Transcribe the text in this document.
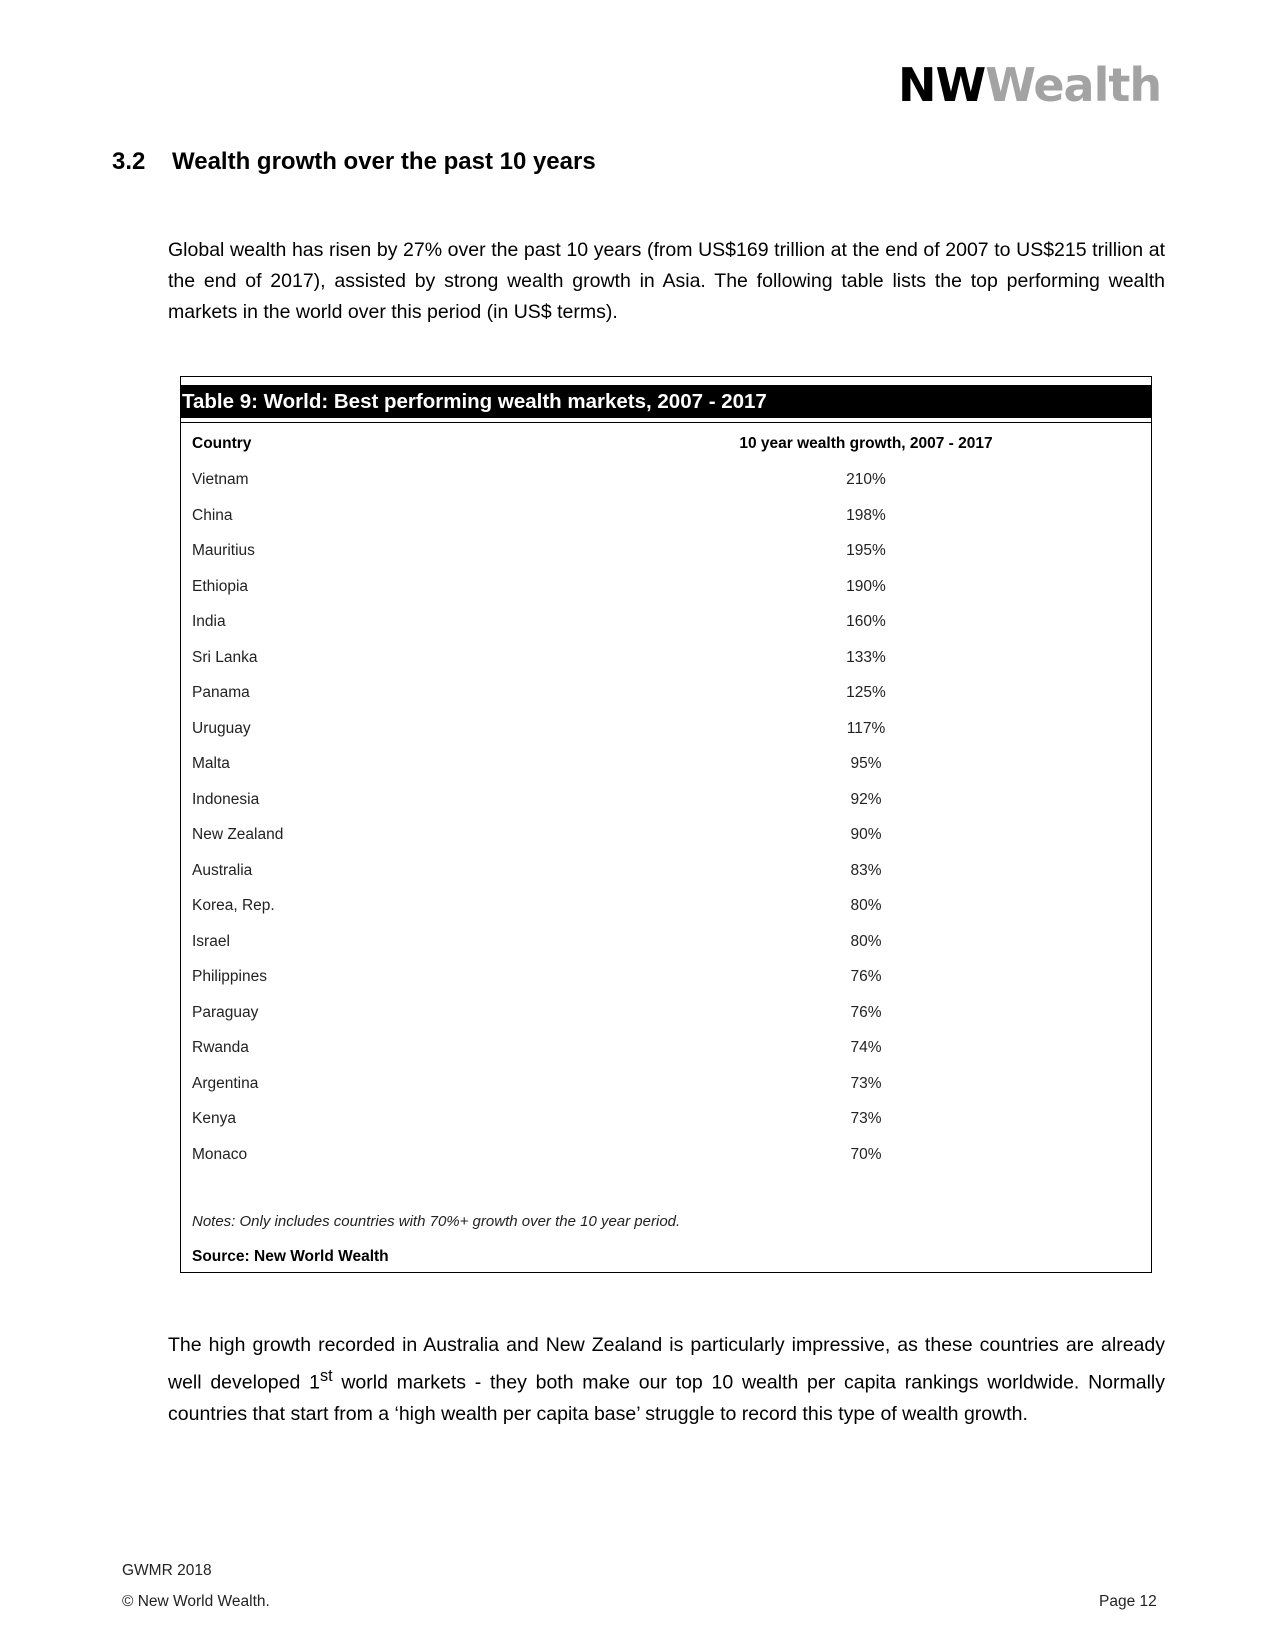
NWWealth
3.2 Wealth growth over the past 10 years

Global wealth has risen by 27% over the past 10 years (from US$169 trillion at the end of 2007 to US$215 trillion at the end of 2017), assisted by strong wealth growth in Asia. The following table lists the top performing wealth markets in the world over this period (in US$ terms).

Table 9: World: Best performing wealth markets, 2007 - 2017
Country	10 year wealth growth, 2007 - 2017
Vietnam	210%
China	198%
Mauritius	195%
Ethiopia	190%
India	160%
Sri Lanka	133%
Panama	125%
Uruguay	117%
Malta	95%
Indonesia	92%
New Zealand	90%
Australia	83%
Korea, Rep.	80%
Israel	80%
Philippines	76%
Paraguay	76%
Rwanda	74%
Argentina	73%
Kenya	73%
Monaco	70%
Notes: Only includes countries with 70%+ growth over the 10 year period.
Source: New World Wealth

The high growth recorded in Australia and New Zealand is particularly impressive, as these countries are already well developed 1st world markets - they both make our top 10 wealth per capita rankings worldwide. Normally countries that start from a ‘high wealth per capita base’ struggle to record this type of wealth growth.

GWMR 2018
© New World Wealth.	Page 12
